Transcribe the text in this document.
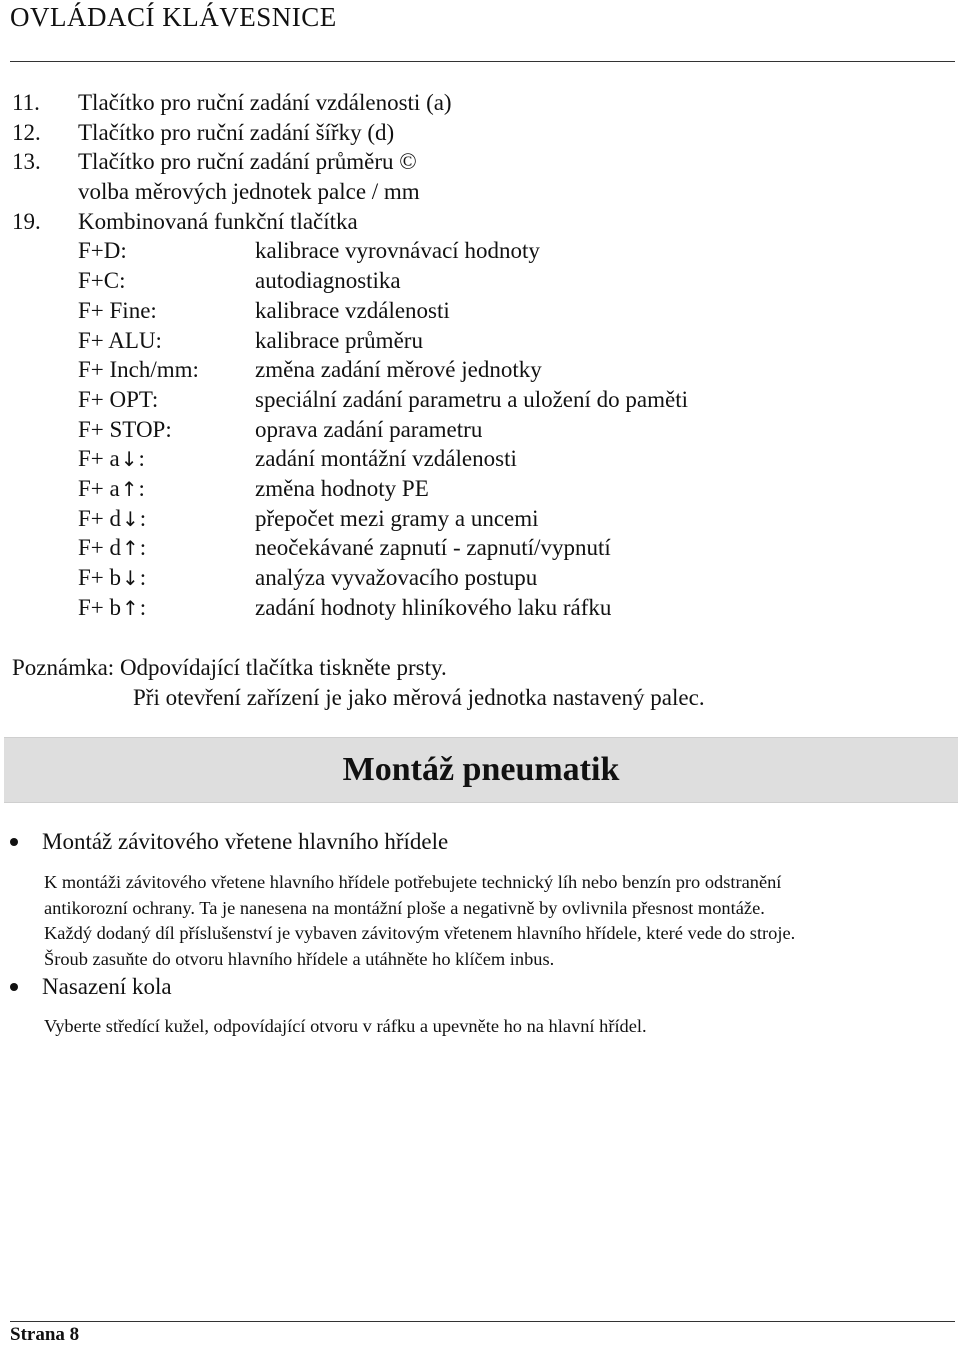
OVLÁDACÍ KLÁVESNICE
11. Tlačítko pro ruční zadání vzdálenosti (a)
12. Tlačítko pro ruční zadání šířky (d)
13. Tlačítko pro ruční zadání průměru ©
volba měrových jednotek palce / mm
19. Kombinovaná funkční tlačítka
F+D:	kalibrace vyrovnávací hodnoty
F+C:	autodiagnostika
F+ Fine:	kalibrace vzdálenosti
F+ ALU:	kalibrace průměru
F+ Inch/mm: změna zadání měrové jednotky
F+ OPT:	speciální zadání parametru a uložení do paměti
F+ STOP:	oprava zadání parametru
F+ a↓:	zadání montážní vzdálenosti
F+ a↑:	změna hodnoty PE
F+ d↓:	přepočet mezi gramy a uncemi
F+ d↑:	neočekávané zapnutí - zapnutí/vypnutí
F+ b↓:	analýza vyvažovacího postupu
F+ b↑:	zadání hodnoty hliníkového laku ráfku
Poznámka: Odpovídající tlačítka tiskněte prsty.
Při otevření zařízení je jako měrová jednotka nastavený palec.
Montáž pneumatik
Montáž závitového vřetene hlavního hřídele

K montáži závitového vřetene hlavního hřídele potřebujete technický líh nebo benzín pro odstranění

antikorozní ochrany. Ta je nanesena na montážní ploše a negativně by ovlivnila přesnost montáže.

Každý dodaný díl příslušenství je vybaven závitovým vřetenem hlavního hřídele, které vede do stroje.

Šroub zasuňte do otvoru hlavního hřídele a utáhněte ho klíčem inbus.

Nasazení kola

Vyberte středící kužel, odpovídající otvoru v ráfku a upevněte ho na hlavní hřídel.

Strana 8
